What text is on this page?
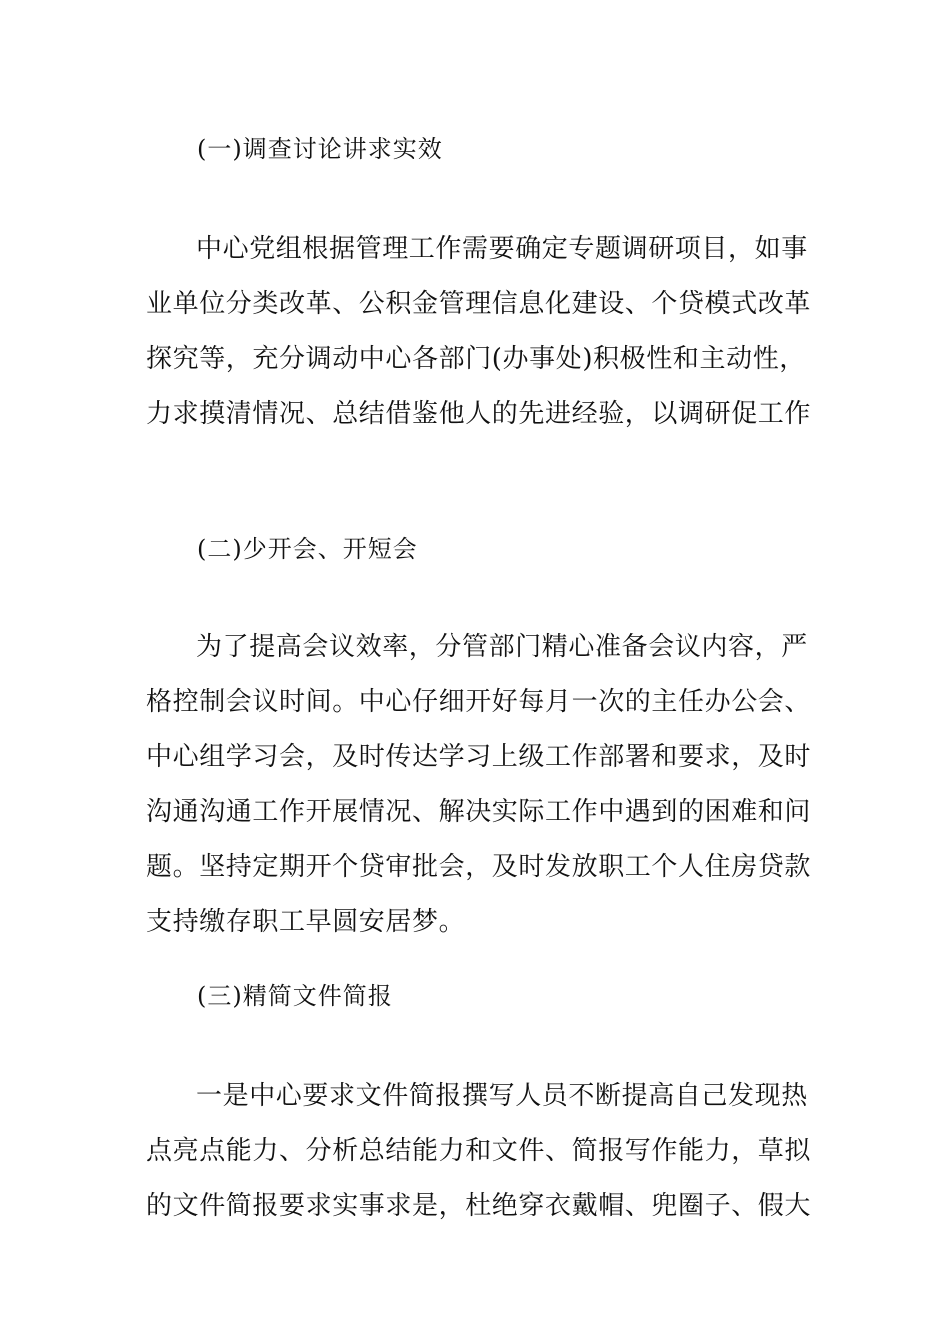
(一)调查讨论讲求实效
中心党组根据管理工作需要确定专题调研项目，如事
业单位分类改革、公积金管理信息化建设、个贷模式改革
探究等，充分调动中心各部门(办事处)积极性和主动性，
力求摸清情况、总结借鉴他人的先进经验，以调研促工作
(二)少开会、开短会
为了提高会议效率，分管部门精心准备会议内容，严
格控制会议时间。中心仔细开好每月一次的主任办公会、
中心组学习会，及时传达学习上级工作部署和要求，及时
沟通沟通工作开展情况、解决实际工作中遇到的困难和问
题。坚持定期开个贷审批会，及时发放职工个人住房贷款
支持缴存职工早圆安居梦。
(三)精简文件简报
一是中心要求文件简报撰写人员不断提高自己发现热
点亮点能力、分析总结能力和文件、简报写作能力，草拟
的文件简报要求实事求是，杜绝穿衣戴帽、兜圈子、假大
